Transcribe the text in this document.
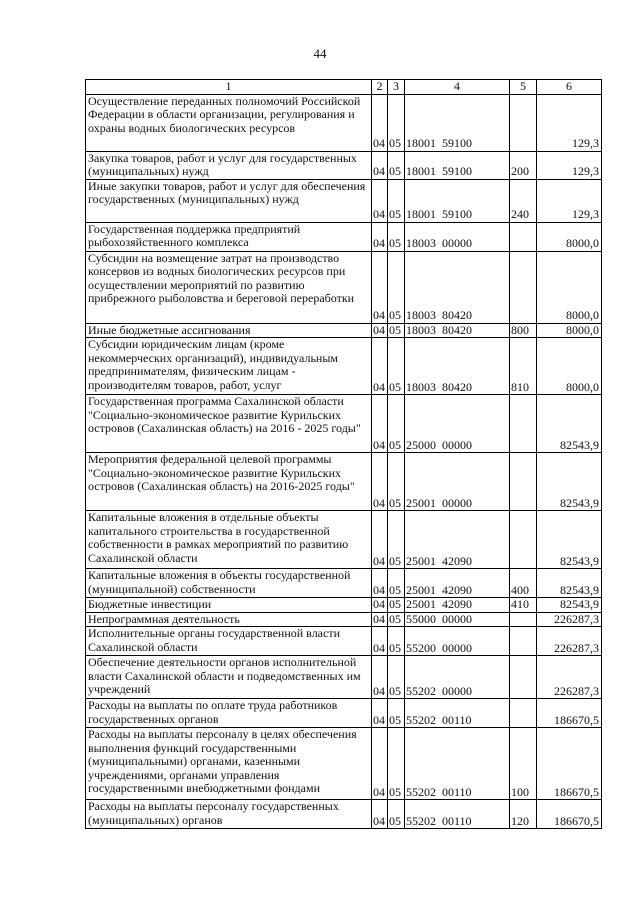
44
1	2	3	4	5	6
Осуществление переданных полномочий Российской Федерации в области организации, регулирования и охраны водных биологических ресурсов	04	05	18001 59100		129,3
Закупка товаров, работ и услуг для государственных (муниципальных) нужд	04	05	18001 59100	200	129,3
Иные закупки товаров, работ и услуг для обеспечения государственных (муниципальных) нужд	04	05	18001 59100	240	129,3
Государственная поддержка предприятий рыбохозяйственного комплекса	04	05	18003 00000		8000,0
Субсидии на возмещение затрат на производство консервов из водных биологических ресурсов при осуществлении мероприятий по развитию прибрежного рыболовства и береговой переработки	04	05	18003 80420		8000,0
Иные бюджетные ассигнования	04	05	18003 80420	800	8000,0
Субсидии юридическим лицам (кроме некоммерческих организаций), индивидуальным предпринимателям, физическим лицам - производителям товаров, работ, услуг	04	05	18003 80420	810	8000,0
Государственная программа Сахалинской области "Социально-экономическое развитие Курильских островов (Сахалинская область) на 2016 - 2025 годы"	04	05	25000 00000		82543,9
Мероприятия федеральной целевой программы "Социально-экономическое развитие Курильских островов (Сахалинская область) на 2016-2025 годы"	04	05	25001 00000		82543,9
Капитальные вложения в отдельные объекты капитального строительства в государственной собственности в рамках мероприятий по развитию Сахалинской области	04	05	25001 42090		82543,9
Капитальные вложения в объекты государственной (муниципальной) собственности	04	05	25001 42090	400	82543,9
Бюджетные инвестиции	04	05	25001 42090	410	82543,9
Непрограммная деятельность	04	05	55000 00000		226287,3
Исполнительные органы государственной власти Сахалинской области	04	05	55200 00000		226287,3
Обеспечение деятельности органов исполнительной власти Сахалинской области и подведомственных им учреждений	04	05	55202 00000		226287,3
Расходы на выплаты по оплате труда работников государственных органов	04	05	55202 00110		186670,5
Расходы на выплаты персоналу в целях обеспечения выполнения функций государственными (муниципальными) органами, казенными учреждениями, органами управления государственными внебюджетными фондами	04	05	55202 00110	100	186670,5
Расходы на выплаты персоналу государственных (муниципальных) органов	04	05	55202 00110	120	186670,5
